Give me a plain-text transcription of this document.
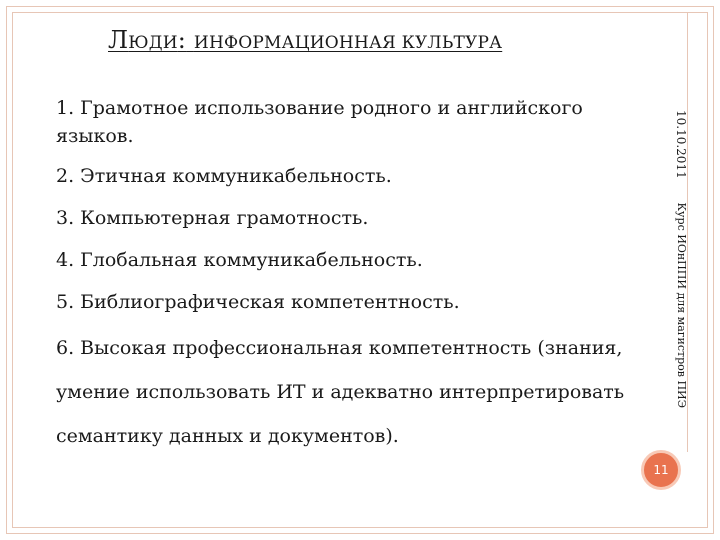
ЛЮДИ: ИНФОРМАЦИОННАЯ КУЛЬТУРА

1. Грамотное использование родного и английского языков.

2. Этичная коммуникабельность.

3. Компьютерная грамотность.

4. Глобальная коммуникабельность.

5. Библиографическая компетентность.

6. Высокая профессиональная компетентность (знания, умение использовать ИТ и адекватно интерпретировать семантику данных и документов).

10.10.2011 Курс ИОнППИ для магистров ПИЭ
11
